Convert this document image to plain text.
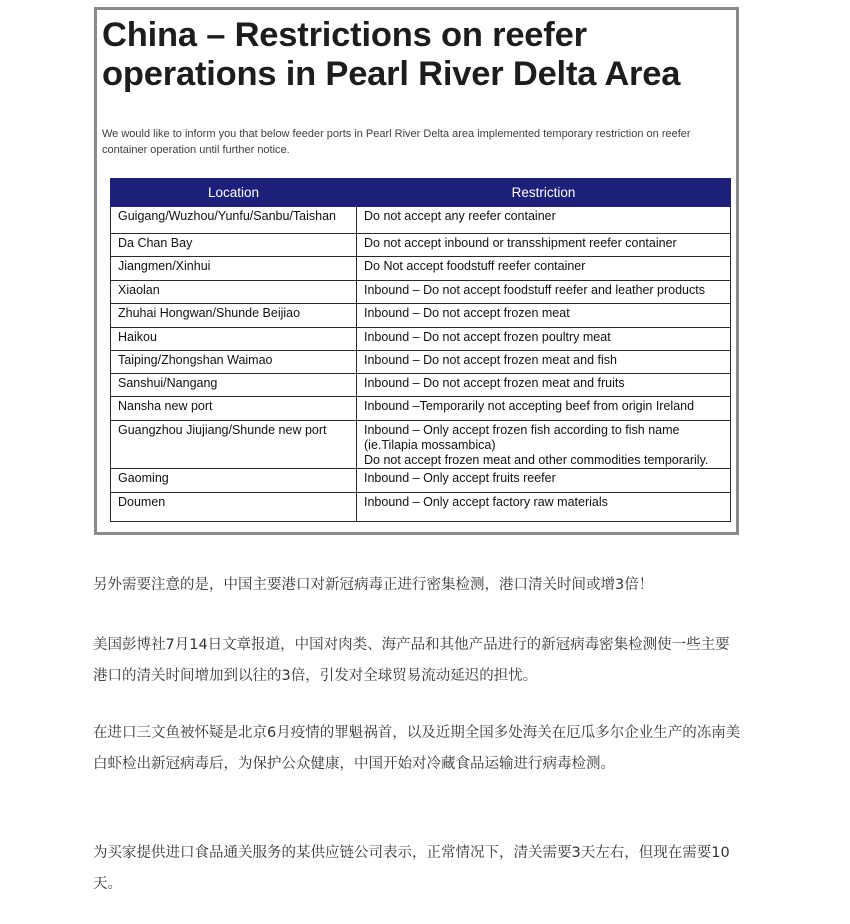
China – Restrictions on reefer
operations in Pearl River Delta Area

We would like to inform you that below feeder ports in Pearl River Delta area implemented temporary restriction on reefer container operation until further notice.

Location	Restriction
Guigang/Wuzhou/Yunfu/Sanbu/Taishan	Do not accept any reefer container

Da Chan Bay	Do not accept inbound or transshipment reefer container

Jiangmen/Xinhui	Do Not accept foodstuff reefer container

Xiaolan	Inbound – Do not accept foodstuff reefer and leather products

Zhuhai Hongwan/Shunde Beijiao	Inbound – Do not accept frozen meat

Haikou	Inbound – Do not accept frozen poultry meat

Taiping/Zhongshan Waimao	Inbound – Do not accept frozen meat and fish

Sanshui/Nangang	Inbound – Do not accept frozen meat and fruits

Nansha new port	Inbound –Temporarily not accepting beef from origin Ireland

Guangzhou Jiujiang/Shunde new port	Inbound – Only accept frozen fish according to fish name
(ie.Tilapia mossambica)
Do not accept frozen meat and other commodities temporarily.

Gaoming	Inbound – Only accept fruits reefer

Doumen	Inbound – Only accept factory raw materials

另外需要注意的是，中国主要港口对新冠病毒正进行密集检测，港口清关时间或增3倍！

美国彭博社7月14日文章报道，中国对肉类、海产品和其他产品进行的新冠病毒密集检测使一些主要港口的清关时间增加到以往的3倍，引发对全球贸易流动延迟的担忧。

在进口三文鱼被怀疑是北京6月疫情的罪魁祸首，以及近期全国多处海关在厄瓜多尔企业生产的冻南美白虾检出新冠病毒后，为保护公众健康，中国开始对冷藏食品运输进行病毒检测。

为买家提供进口食品通关服务的某供应链公司表示，正常情况下，清关需要3天左右，但现在需要10天。
